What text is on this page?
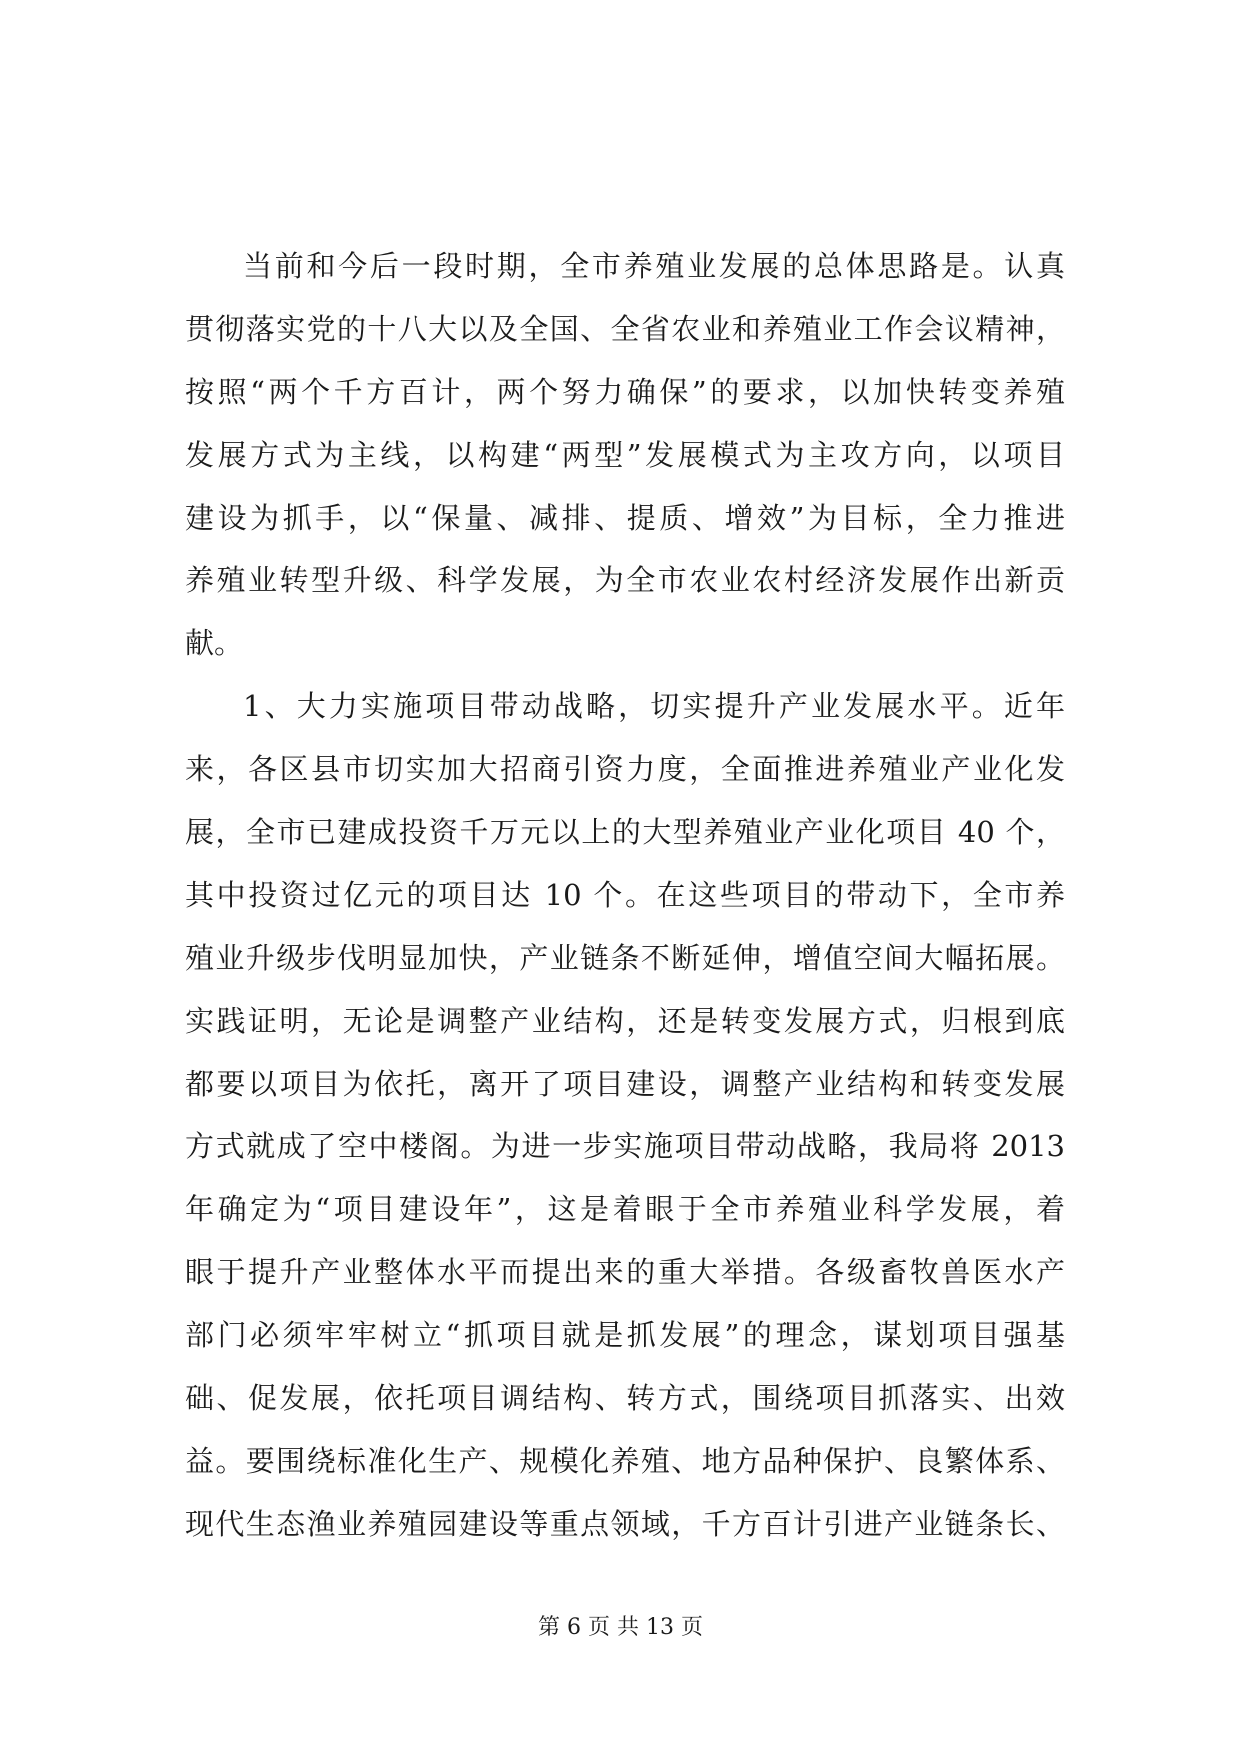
当前和今后一段时期，全市养殖业发展的总体思路是。认真
贯彻落实党的十八大以及全国、全省农业和养殖业工作会议精神，
按照“两个千方百计，两个努力确保”的要求，以加快转变养殖
发展方式为主线，以构建“两型”发展模式为主攻方向，以项目
建设为抓手，以“保量、减排、提质、增效”为目标，全力推进
养殖业转型升级、科学发展，为全市农业农村经济发展作出新贡
献。
1、大力实施项目带动战略，切实提升产业发展水平。近年
来，各区县市切实加大招商引资力度，全面推进养殖业产业化发
展，全市已建成投资千万元以上的大型养殖业产业化项目 40 个，
其中投资过亿元的项目达 10 个。在这些项目的带动下，全市养
殖业升级步伐明显加快，产业链条不断延伸，增值空间大幅拓展。
实践证明，无论是调整产业结构，还是转变发展方式，归根到底
都要以项目为依托，离开了项目建设，调整产业结构和转变发展
方式就成了空中楼阁。为进一步实施项目带动战略，我局将 2013
年确定为“项目建设年”，这是着眼于全市养殖业科学发展，着
眼于提升产业整体水平而提出来的重大举措。各级畜牧兽医水产
部门必须牢牢树立“抓项目就是抓发展”的理念，谋划项目强基
础、促发展，依托项目调结构、转方式，围绕项目抓落实、出效
益。要围绕标准化生产、规模化养殖、地方品种保护、良繁体系、
现代生态渔业养殖园建设等重点领域，千方百计引进产业链条长、
第 6 页 共 13 页
